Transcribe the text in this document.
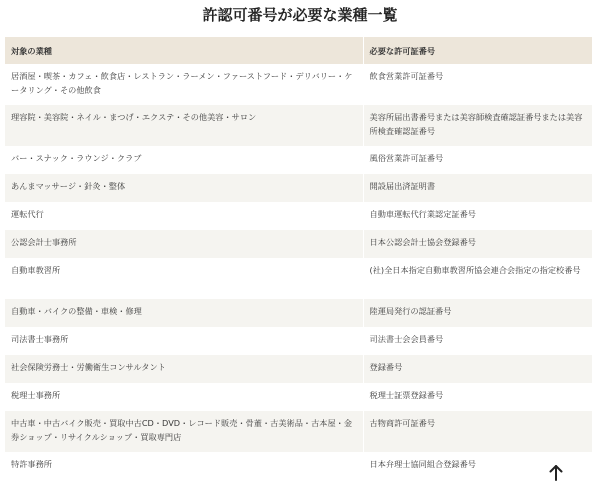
許認可番号が必要な業種一覧
対象の業種	必要な許可証番号
居酒屋・喫茶・カフェ・飲食店・レストラン・ラーメン・ファーストフード・デリバリー・ケータリング・その他飲食	飲食営業許可証番号
理容院・美容院・ネイル・まつげ・エクステ・その他美容・サロン	美容所届出書番号または美容師検査確認証番号または美容所検査確認証番号
バー・スナック・ラウンジ・クラブ	風俗営業許可証番号
あんまマッサージ・針灸・整体	開設届出済証明書
運転代行	自動車運転代行業認定証番号
公認会計士事務所	日本公認会計士協会登録番号
自動車教習所	(社)全日本指定自動車教習所協会連合会指定の指定校番号
自動車・バイクの整備・車検・修理	陸運局発行の認証番号
司法書士事務所	司法書士会会員番号
社会保険労務士・労働衛生コンサルタント	登録番号
税理士事務所	税理士証票登録番号
中古車・中古バイク販売・買取中古CD・DVD・レコード販売・骨董・古美術品・古本屋・金券ショップ・リサイクルショップ・買取専門店	古物商許可証番号
特許事務所	日本弁理士協同組合登録番号
